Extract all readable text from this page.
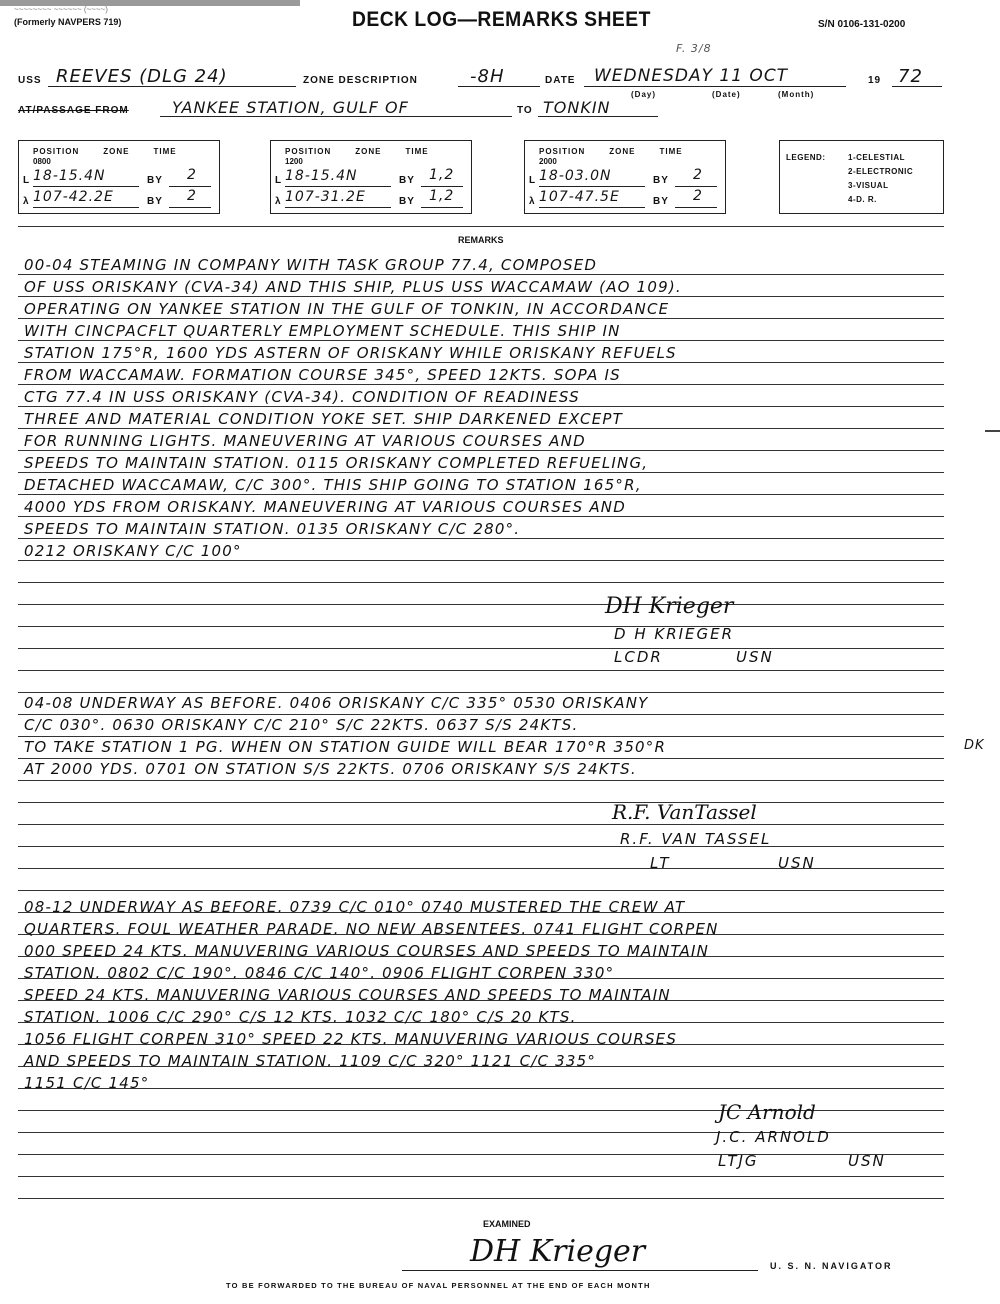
~~~~~~~~ ~~~~~~ (~~~~)
(Formerly NAVPERS 719)	DECK LOG—REMARKS SHEET	S/N 0106-131-0200
F. 3/8
USS REEVES (DLG 24)	ZONE DESCRIPTION	-8H	DATE WEDNESDAY 11 OCT	19 72
(Day)	(Date)	(Month)
AT/PASSAGE FROM	YANKEE STATION, GULF OF	TO TONKIN
POSITION	ZONE	TIME
0800
L 18-15.4N	BY 2
λ 107-42.2E	BY 2
POSITION	ZONE	TIME
1200
L 18-15.4N	BY 1,2
λ 107-31.2E	BY 1,2
POSITION	ZONE	TIME
2000
L 18-03.0N	BY 2
λ 107-47.5E	BY 2
LEGEND:	1-CELESTIAL
2-ELECTRONIC
3-VISUAL
4-D. R.
REMARKS
00-04 STEAMING IN COMPANY WITH TASK GROUP 77.4, COMPOSED
OF USS ORISKANY (CVA-34) AND THIS SHIP, PLUS USS WACCAMAW (AO 109).
OPERATING ON YANKEE STATION IN THE GULF OF TONKIN, IN ACCORDANCE
WITH CINCPACFLT QUARTERLY EMPLOYMENT SCHEDULE. THIS SHIP IN
STATION 175°R, 1600 YDS ASTERN OF ORISKANY WHILE ORISKANY REFUELS
FROM WACCAMAW. FORMATION COURSE 345°, SPEED 12KTS. SOPA IS
CTG 77.4 IN USS ORISKANY (CVA-34). CONDITION OF READINESS
THREE AND MATERIAL CONDITION YOKE SET. SHIP DARKENED EXCEPT
FOR RUNNING LIGHTS. MANEUVERING AT VARIOUS COURSES AND
SPEEDS TO MAINTAIN STATION. 0115 ORISKANY COMPLETED REFUELING,
DETACHED WACCAMAW, C/C 300°. THIS SHIP GOING TO STATION 165°R,
4000 YDS FROM ORISKANY. MANEUVERING AT VARIOUS COURSES AND
SPEEDS TO MAINTAIN STATION. 0135 ORISKANY C/C 280°.
0212 ORISKANY C/C 100°
DH Krieger
D H KRIEGER
LCDR	USN
04-08 UNDERWAY AS BEFORE. 0406 ORISKANY C/C 335° 0530 ORISKANY
C/C 030°. 0630 ORISKANY C/C 210° S/C 22KTS. 0637 S/S 24KTS.
TO TAKE STATION 1 PG. WHEN ON STATION GUIDE WILL BEAR 170°R 350°R
AT 2000 YDS. 0701 ON STATION S/S 22KTS. 0706 ORISKANY S/S 24KTS.
DK
R.F. VanTassel
R.F. VAN TASSEL
LT	USN
08-12 UNDERWAY AS BEFORE. 0739 C/C 010° 0740 MUSTERED THE CREW AT
QUARTERS. FOUL WEATHER PARADE. NO NEW ABSENTEES. 0741 FLIGHT CORPEN
000 SPEED 24 KTS. MANUVERING VARIOUS COURSES AND SPEEDS TO MAINTAIN
STATION. 0802 C/C 190°. 0846 C/C 140°. 0906 FLIGHT CORPEN 330°
SPEED 24 KTS. MANUVERING VARIOUS COURSES AND SPEEDS TO MAINTAIN
STATION. 1006 C/C 290° C/S 12 KTS. 1032 C/C 180° C/S 20 KTS.
1056 FLIGHT CORPEN 310° SPEED 22 KTS. MANUVERING VARIOUS COURSES
AND SPEEDS TO MAINTAIN STATION. 1109 C/C 320° 1121 C/C 335°
1151 C/C 145°
JC Arnold
J.C. ARNOLD
LTJG	USN
EXAMINED
DH Krieger	U. S. N. NAVIGATOR
TO BE FORWARDED TO THE BUREAU OF NAVAL PERSONNEL AT THE END OF EACH MONTH
